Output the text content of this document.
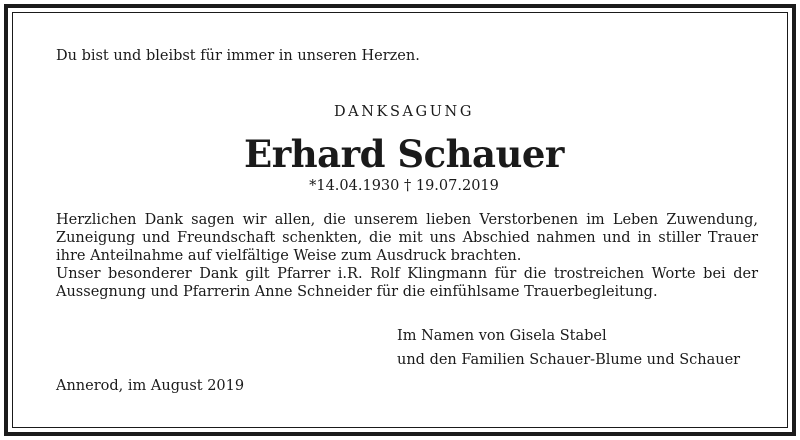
Du bist und bleibst für immer in unseren Herzen.
DANKSAGUNG
Erhard Schauer
*14.04.1930 † 19.07.2019

Herzlichen Dank sagen wir allen, die unserem lieben Verstorbenen im Leben Zuwendung,
Zuneigung und Freundschaft schenkten, die mit uns Abschied nahmen und in stiller Trauer
ihre Anteilnahme auf vielfältige Weise zum Ausdruck brachten.

Unser besonderer Dank gilt Pfarrer i.R. Rolf Klingmann für die trostreichen Worte bei der
Aussegnung und Pfarrerin Anne Schneider für die einfühlsame Trauerbegleitung.

Im Namen von Gisela Stabel
und den Familien Schauer-Blume und Schauer
Annerod, im August 2019
